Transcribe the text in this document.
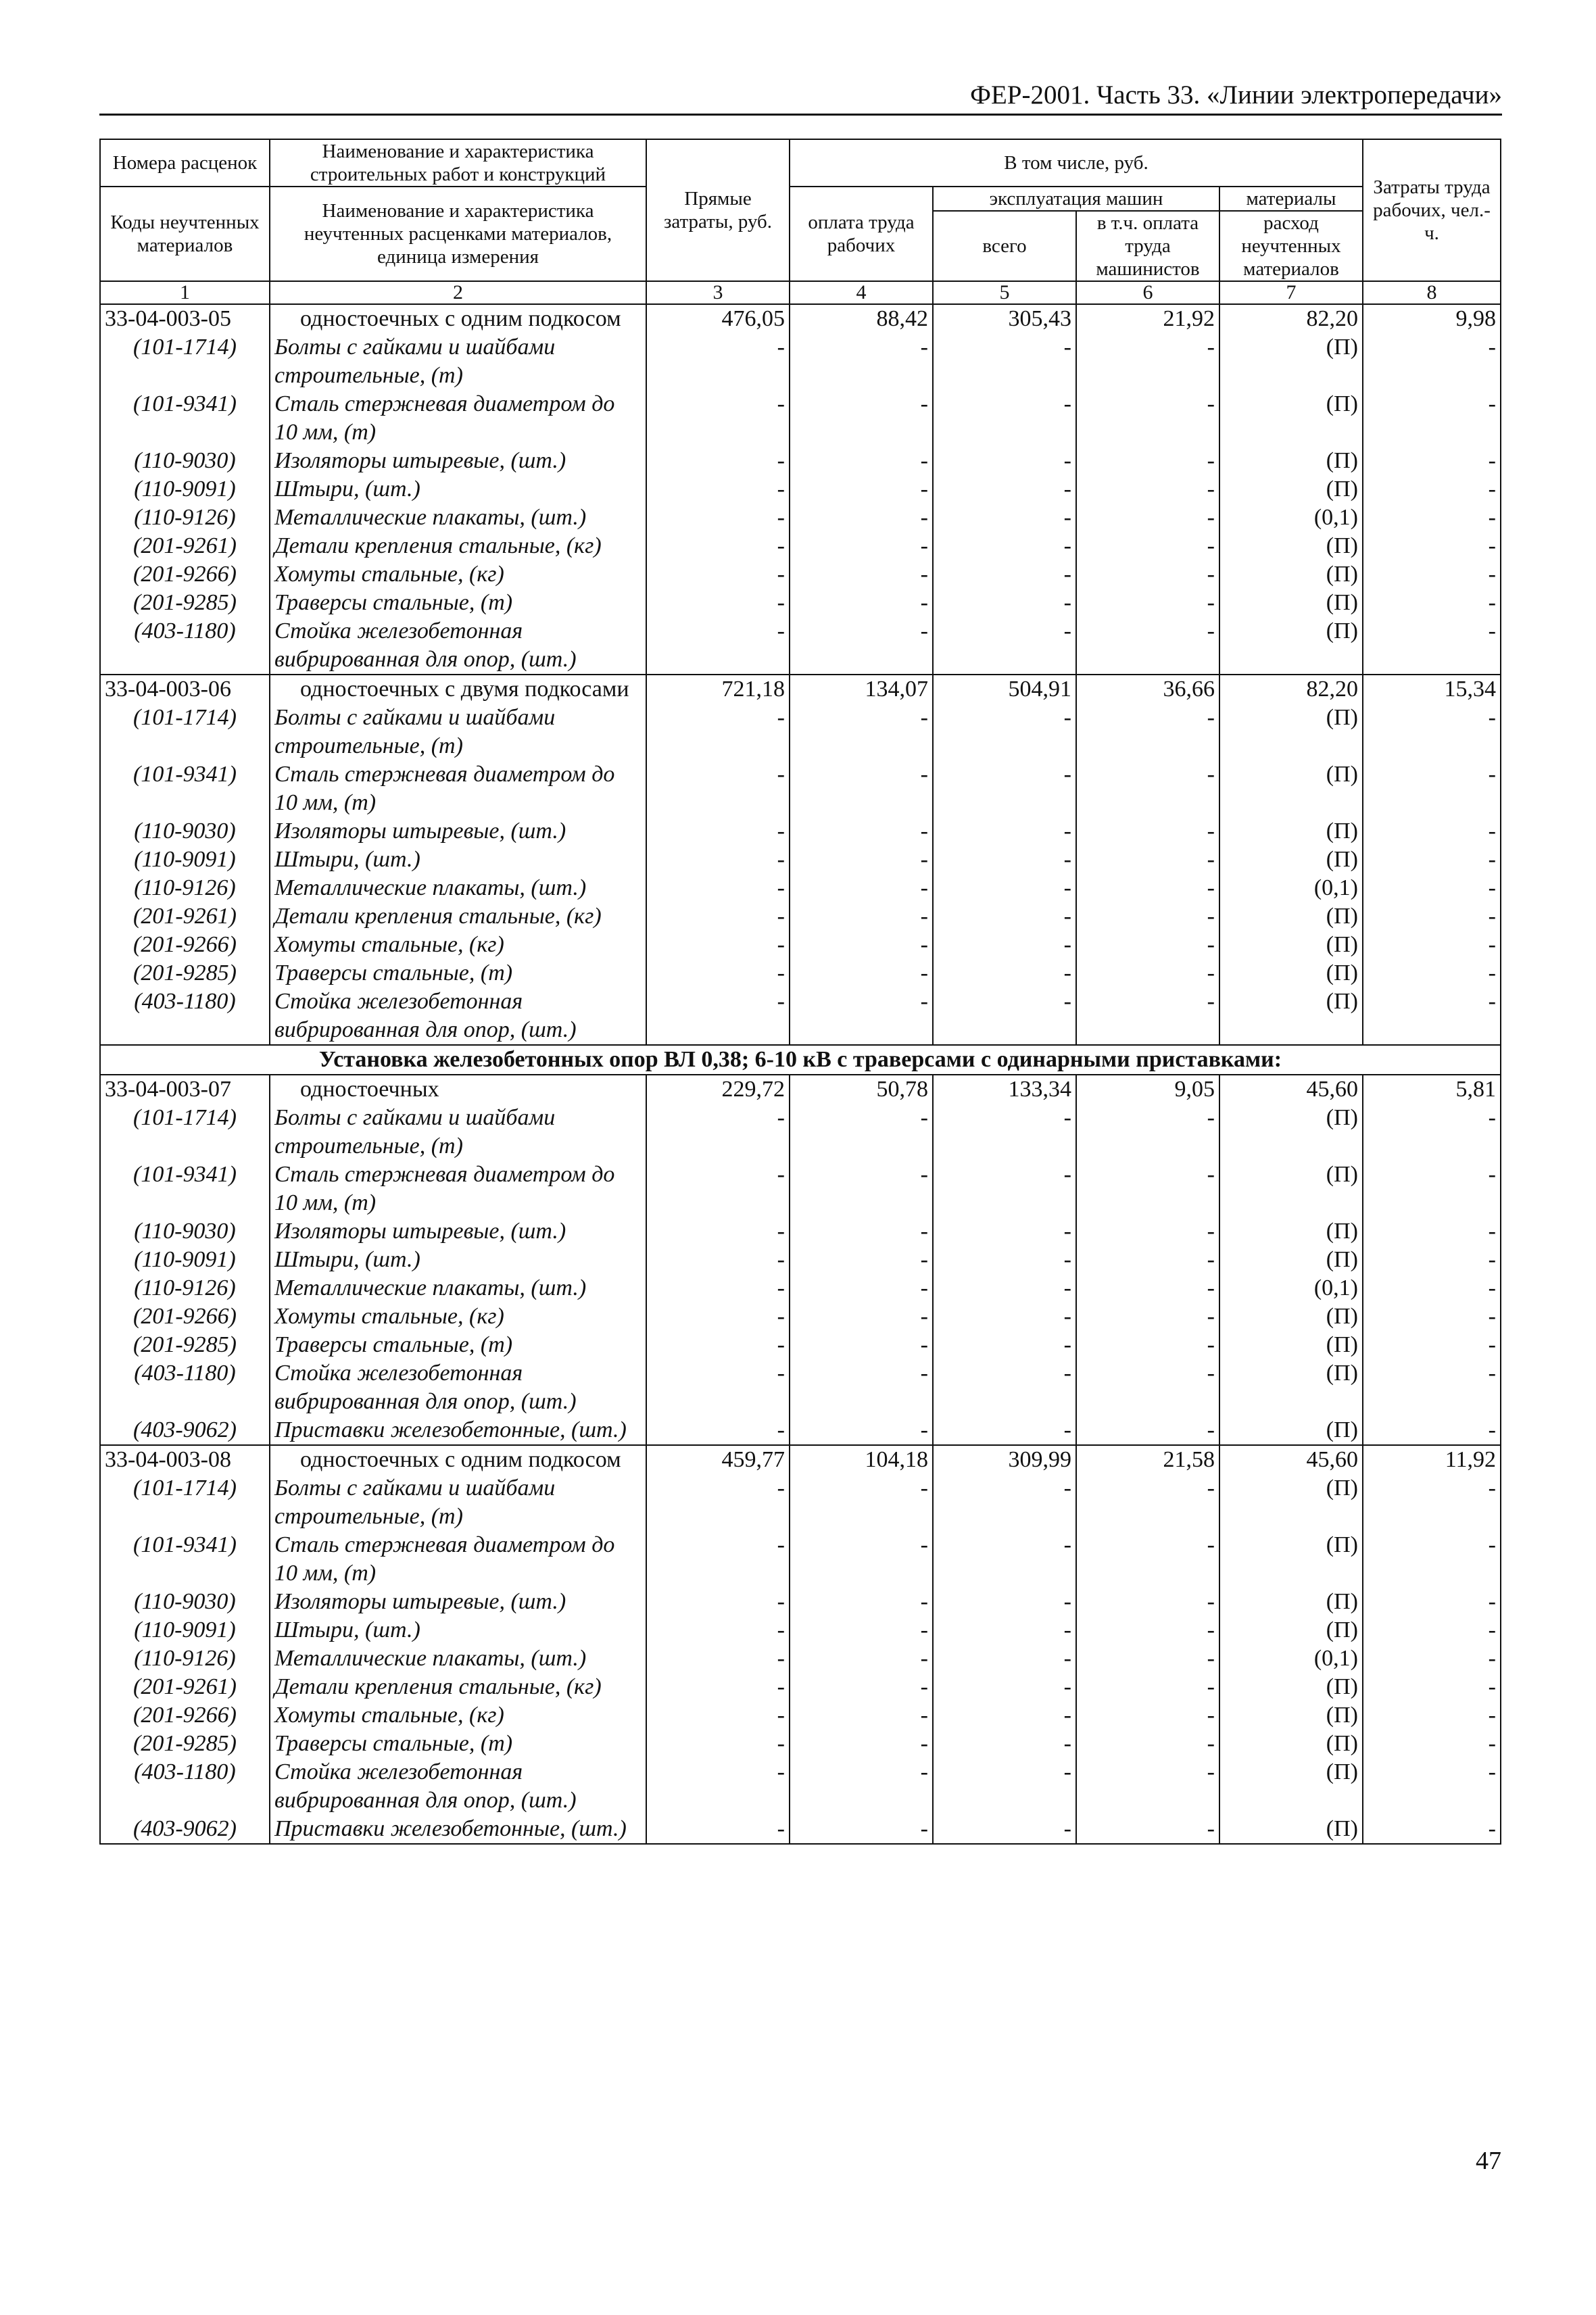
ФЕР-2001. Часть 33. «Линии электропередачи»
Номера расценок	Наименование и характеристика строительных работ и конструкций	Прямые затраты, руб.	В том числе, руб.				Затраты труда рабочих, чел.-ч.
Коды неучтенных материалов	Наименование и характеристика неучтенных расценками материалов, единица измерения		оплата труда рабочих	эксплуатация машин		материалы	
				всего	в т.ч. оплата труда машинистов	расход неучтенных материалов	

1	2	3	4	5	6	7	8
33-04-003-05	одностоечных с одним подкосом	476,05	88,42	305,43	21,92	82,20	9,98
(101-1714)	Болты с гайками и шайбами строительные, (т)	-	-	-	-	(П)	-
(101-9341)	Сталь стержневая диаметром до 10 мм, (т)	-	-	-	-	(П)	-
(110-9030)	Изоляторы штыревые, (шт.)	-	-	-	-	(П)	-
(110-9091)	Штыри, (шт.)	-	-	-	-	(П)	-
(110-9126)	Металлические плакаты, (шт.)	-	-	-	-	(0,1)	-
(201-9261)	Детали крепления стальные, (кг)	-	-	-	-	(П)	-
(201-9266)	Хомуты стальные, (кг)	-	-	-	-	(П)	-
(201-9285)	Траверсы стальные, (т)	-	-	-	-	(П)	-
(403-1180)	Стойка железобетонная вибрированная для опор, (шт.)	-	-	-	-	(П)	-
33-04-003-06	одностоечных с двумя подкосами	721,18	134,07	504,91	36,66	82,20	15,34
(101-1714)	Болты с гайками и шайбами строительные, (т)	-	-	-	-	(П)	-
(101-9341)	Сталь стержневая диаметром до 10 мм, (т)	-	-	-	-	(П)	-
(110-9030)	Изоляторы штыревые, (шт.)	-	-	-	-	(П)	-
(110-9091)	Штыри, (шт.)	-	-	-	-	(П)	-
(110-9126)	Металлические плакаты, (шт.)	-	-	-	-	(0,1)	-
(201-9261)	Детали крепления стальные, (кг)	-	-	-	-	(П)	-
(201-9266)	Хомуты стальные, (кг)	-	-	-	-	(П)	-
(201-9285)	Траверсы стальные, (т)	-	-	-	-	(П)	-
(403-1180)	Стойка железобетонная вибрированная для опор, (шт.)	-	-	-	-	(П)	-
Установка железобетонных опор ВЛ 0,38; 6-10 кВ с траверсами с одинарными приставками:							
33-04-003-07	одностоечных	229,72	50,78	133,34	9,05	45,60	5,81
(101-1714)	Болты с гайками и шайбами строительные, (т)	-	-	-	-	(П)	-
(101-9341)	Сталь стержневая диаметром до 10 мм, (т)	-	-	-	-	(П)	-
(110-9030)	Изоляторы штыревые, (шт.)	-	-	-	-	(П)	-
(110-9091)	Штыри, (шт.)	-	-	-	-	(П)	-
(110-9126)	Металлические плакаты, (шт.)	-	-	-	-	(0,1)	-
(201-9266)	Хомуты стальные, (кг)	-	-	-	-	(П)	-
(201-9285)	Траверсы стальные, (т)	-	-	-	-	(П)	-
(403-1180)	Стойка железобетонная вибрированная для опор, (шт.)	-	-	-	-	(П)	-
(403-9062)	Приставки железобетонные, (шт.)	-	-	-	-	(П)	-
33-04-003-08	одностоечных с одним подкосом	459,77	104,18	309,99	21,58	45,60	11,92
(101-1714)	Болты с гайками и шайбами строительные, (т)	-	-	-	-	(П)	-
(101-9341)	Сталь стержневая диаметром до 10 мм, (т)	-	-	-	-	(П)	-
(110-9030)	Изоляторы штыревые, (шт.)	-	-	-	-	(П)	-
(110-9091)	Штыри, (шт.)	-	-	-	-	(П)	-
(110-9126)	Металлические плакаты, (шт.)	-	-	-	-	(0,1)	-
(201-9261)	Детали крепления стальные, (кг)	-	-	-	-	(П)	-
(201-9266)	Хомуты стальные, (кг)	-	-	-	-	(П)	-
(201-9285)	Траверсы стальные, (т)	-	-	-	-	(П)	-
(403-1180)	Стойка железобетонная вибрированная для опор, (шт.)	-	-	-	-	(П)	-
(403-9062)	Приставки железобетонные, (шт.)	-	-	-	-	(П)	-
47
